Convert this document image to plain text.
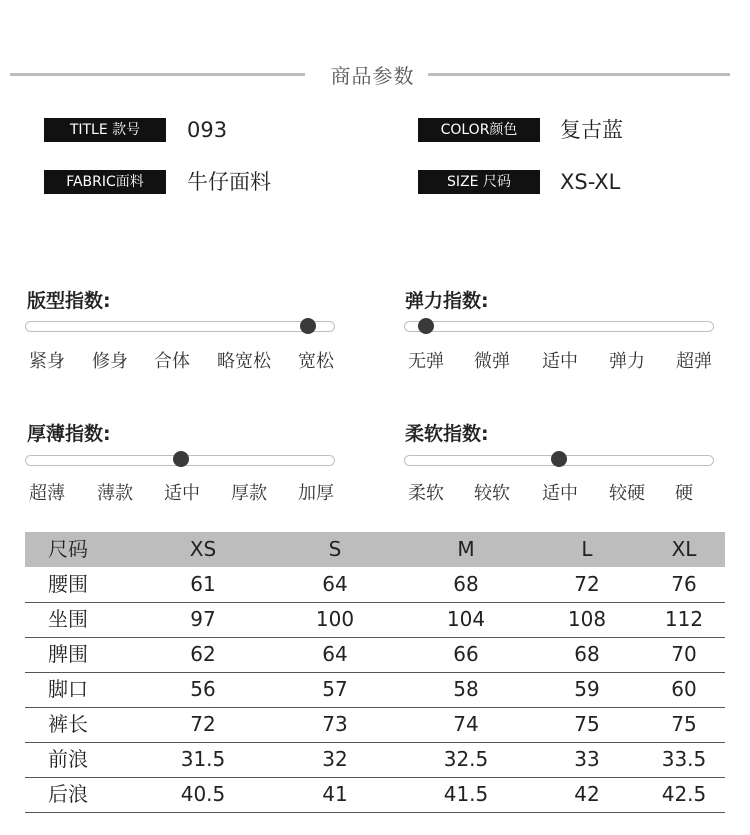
商品参数
TITLE 款号	093	COLOR颜色	复古蓝
FABRIC面料	牛仔面料	SIZE 尺码	XS-XL
版型指数:
紧身 修身 合体 略宽松 宽松
弹力指数:
无弹 微弹 适中 弹力 超弹
厚薄指数:
超薄 薄款 适中 厚款 加厚
柔软指数:
柔软 较软 适中 较硬 硬
尺码	XS	S	M	L	XL
腰围	61	64	68	72	76
坐围	97	100	104	108	112
脾围	62	64	66	68	70
脚口	56	57	58	59	60
裤长	72	73	74	75	75
前浪	31.5	32	32.5	33	33.5
后浪	40.5	41	41.5	42	42.5
